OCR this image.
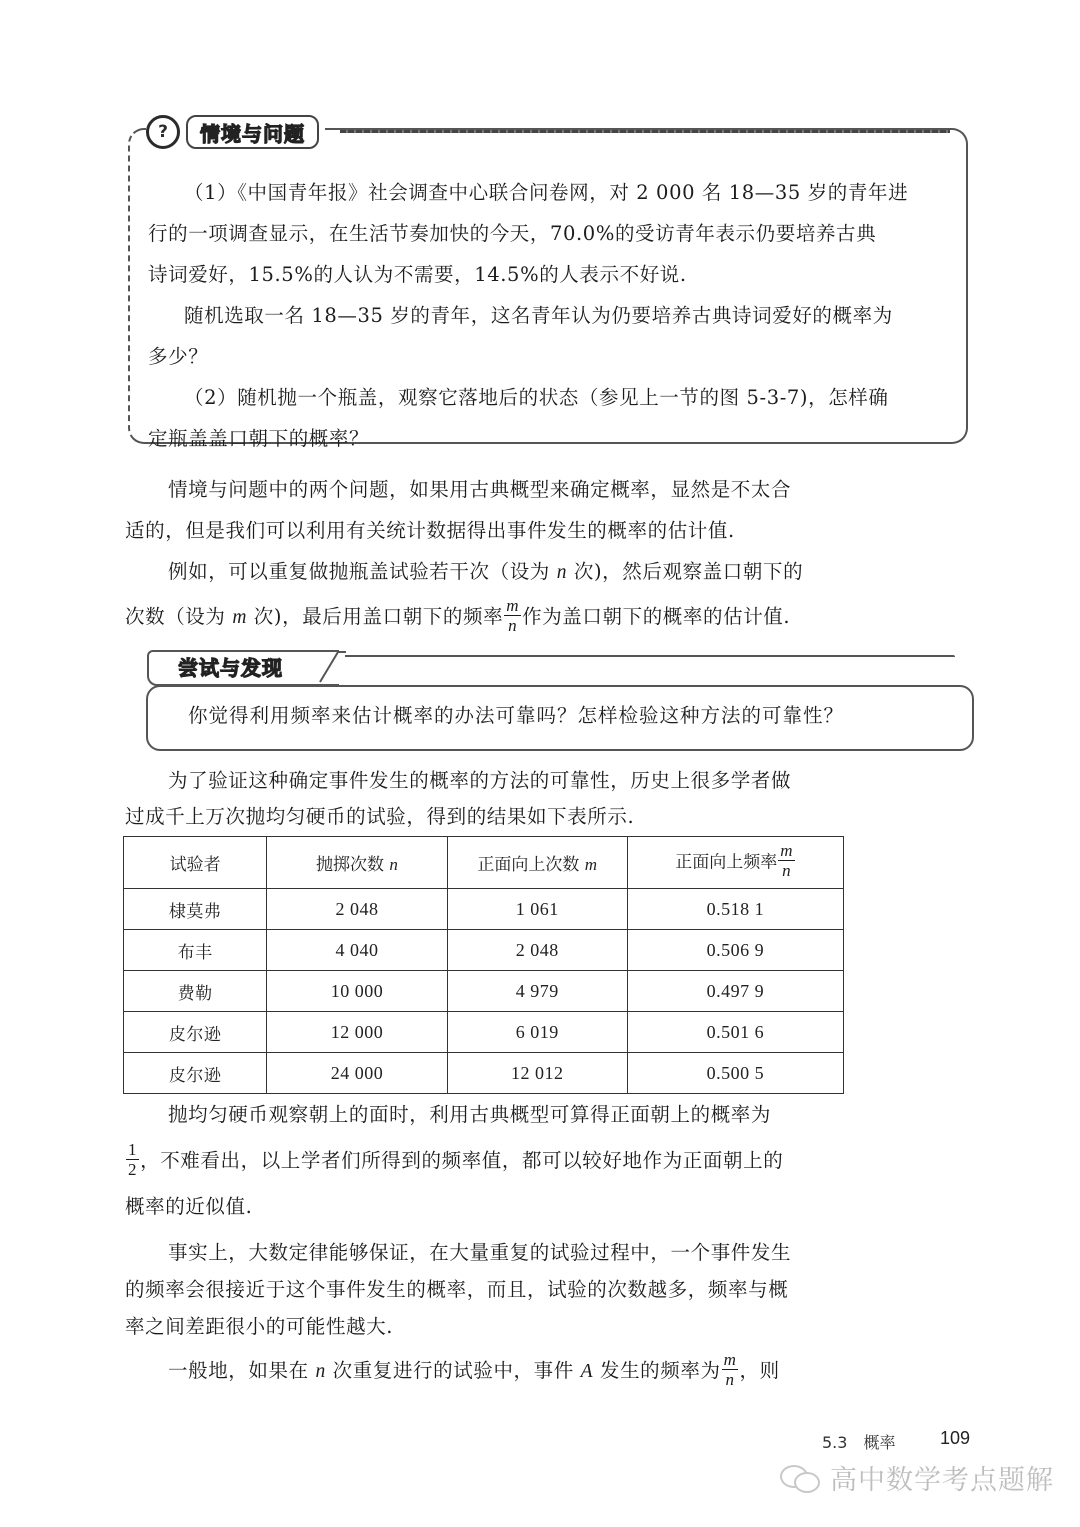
?	情境与问题
（1）《中国青年报》社会调查中心联合问卷网，对 2 000 名 18—35 岁的青年进
行的一项调查显示，在生活节奏加快的今天，70.0%的受访青年表示仍要培养古典
诗词爱好，15.5%的人认为不需要，14.5%的人表示不好说.
随机选取一名 18—35 岁的青年，这名青年认为仍要培养古典诗词爱好的概率为
多少？
（2）随机抛一个瓶盖，观察它落地后的状态（参见上一节的图 5-3-7)，怎样确
定瓶盖盖口朝下的概率？
情境与问题中的两个问题，如果用古典概型来确定概率，显然是不太合
适的，但是我们可以利用有关统计数据得出事件发生的概率的估计值.
例如，可以重复做抛瓶盖试验若干次（设为 n 次)，然后观察盖口朝下的
次数（设为 m 次)，最后用盖口朝下的频率 $\frac{m}{n}$ 作为盖口朝下的概率的估计值.
尝试与发现
你觉得利用频率来估计概率的办法可靠吗？怎样检验这种方法的可靠性？
为了验证这种确定事件发生的概率的方法的可靠性，历史上很多学者做
过成千上万次抛均匀硬币的试验，得到的结果如下表所示.
试验者	抛掷次数 n	正面向上次数 m	正面向上频率 $\frac{m}{n}$

棣莫弗	2 048	1 061	0.518 1
布丰	4 040	2 048	0.506 9
费勒	10 000	4 979	0.497 9
皮尔逊	12 000	6 019	0.501 6
皮尔逊	24 000	12 012	0.500 5
抛均匀硬币观察朝上的面时，利用古典概型可算得正面朝上的概率为
$\frac{1}{2}$ ，不难看出，以上学者们所得到的频率值，都可以较好地作为正面朝上的
概率的近似值.
事实上，大数定律能够保证，在大量重复的试验过程中，一个事件发生
的频率会很接近于这个事件发生的概率，而且，试验的次数越多，频率与概
率之间差距很小的可能性越大.
一般地，如果在 n 次重复进行的试验中，事件 A 发生的频率为 $\frac{m}{n}$ ，则
5.3　概率 109
高中数学考点题解
